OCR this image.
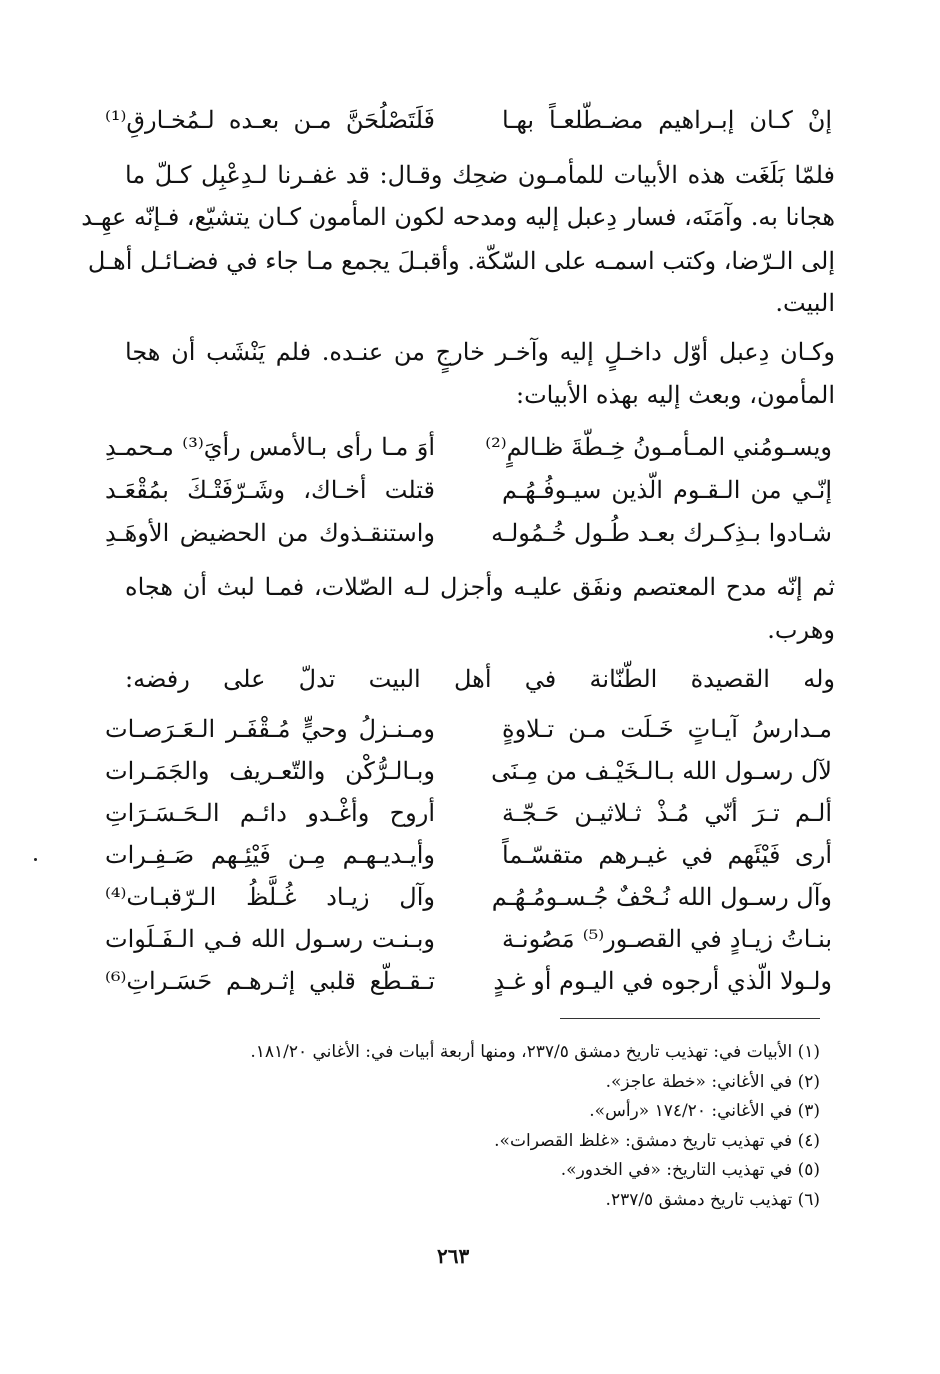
إنْ كـان إبـراهيم مضـطّلعـاً بهـا
فَلَتَصْلُحَنَّ مـن بعـده لـمُخـارقِ⁽¹⁾
فلمّا بَلَغَت هذه الأبيات للمأمـون ضحِك وقـال: قد غفـرنا لـدِعْبِل كـلّ ما
هجانا به. وآمَنَه، فسار دِعبل إليه ومدحه لكون المأمون كـان يتشيّع، فـإنّه عهِـد
إلى الـرّضا، وكتب اسمـه على السّكّة. وأقبـلَ يجمع مـا جاء في فضـائـل أهـل
البيت.
وكـان دِعبل أوّل داخـلٍ إليه وآخـر خارجٍ من عنـده. فلم يَنْشَب أن هجا
المأمون، وبعث إليه بهذه الأبيات:
ويسـومُني المـأمـونُ خِـطّةَ ظـالمٍ⁽²⁾
أوَ مـا رأى بـالأمس رأيَ⁽³⁾ مـحمـدِ
إنّـي من الـقـوم الّذين سيـوفُـهُـم
قتلت أخـاك، وشَـرّفَتْـكَ بمُقْعَـد
شـادوا بـذِكـرك بعـد طُـول خُـمُولـه
واستنقـذوك من الحضيض الأوهَـدِ
ثم إنّه مدح المعتصم ونفَق عليـه وأجزل لـه الصّلات، فمـا لبث أن هجاه
وهرب.
وله القصيدة الطّنّانة في أهل البيت تدلّ على رفضه:
مـدارسُ آيـاتٍ خَـلَت مـن تـلاوةٍ
ومـنـزلُ وحيٍّ مُـقْفَـر الـعَـرَصـات
لآل رسـول الله بـالـخَيْـف من مِـنَى
وبـالـرُّكْن والتّعـريف والجَمَـرات
ألـم تـرَ أنّي مُـذْ ثـلاثيـن حَـجّـة
أروح وأغْـدو دائـم الـحَـسَـرَاتِ
أرى فَيْئَهم في غيـرهم متقسّـماً
وأيـديـهـم مِـن فَيْئِـهم صَـفِـرات
وآل رسـول الله نُـحْفٌ جُـسـومُـهُـم
وآل زيـاد غُـلَّظُ الـرّقبـات⁽⁴⁾
بنـاتُ زيـادٍ في القصـور⁽⁵⁾ مَصُونـة
وبـنـت رسـول الله فـي الـفَـلَوات
ولـولا الّذي أرجوه في اليـوم أو غـدٍ
تـقـطّع قلبي إثـرهـم حَسَـراتِ⁽⁶⁾
(١) الأبيات في: تهذيب تاريخ دمشق ٢٣٧/٥، ومنها أربعة أبيات في: الأغاني ١٨١/٢٠.
(٢) في الأغاني: «خطة عاجز».
(٣) في الأغاني: ١٧٤/٢٠ «رأس».
(٤) في تهذيب تاريخ دمشق: «غلظ القصرات».
(٥) في تهذيب التاريخ: «في الخدور».
(٦) تهذيب تاريخ دمشق ٢٣٧/٥.
٢٦٣
